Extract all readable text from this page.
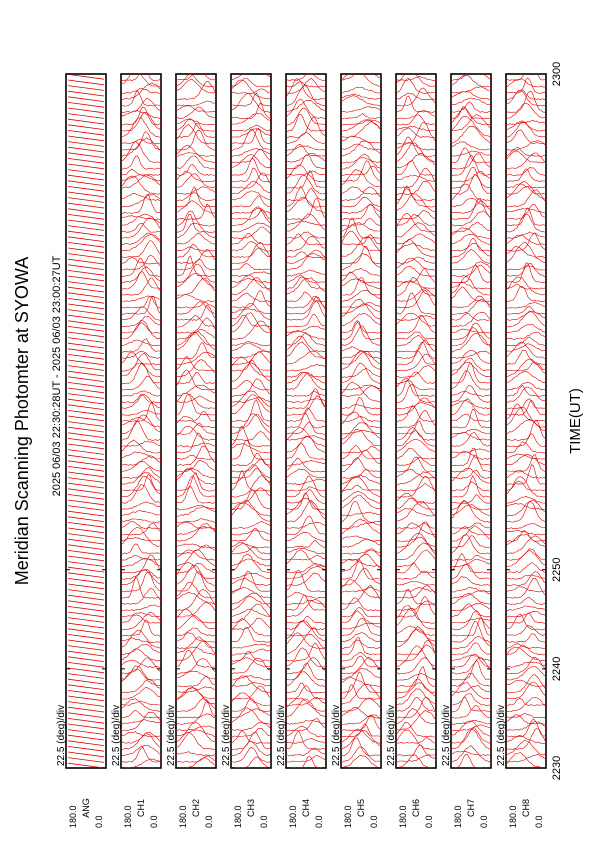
Meridian Scanning Photomter at SYOWA 2025 06/03 22:30:28UT - 2025 06/03 23:00:27UT	TIME(UT)
180.0 0.0
ANG
22.5 (deg)/div
180.0 0.0
CH1
22.5 (deg)/div
180.0 0.0
CH2
22.5 (deg)/div
180.0 0.0
CH3
22.5 (deg)/div
180.0 0.0
CH4
22.5 (deg)/div
180.0 0.0
CH5
22.5 (deg)/div
180.0 0.0
CH6
22.5 (deg)/div
180.0 0.0
CH7
22.5 (deg)/div
180.0 0.0
CH8
22.5 (deg)/div
2230
2240
2250
2300
